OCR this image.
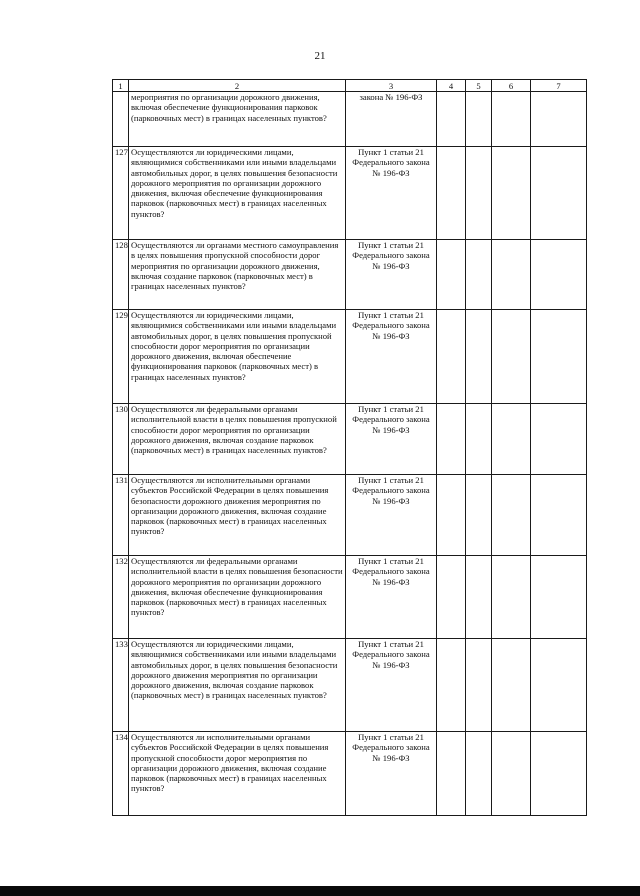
21
1	2	3	4	5	6	7
	мероприятия по организации дорожного движения, включая обеспечение функционирования парковок (парковочных мест) в границах населенных пунктов?	закона № 196-ФЗ				
127	Осуществляются ли юридическими лицами, являющимися собственниками или иными владельцами автомобильных дорог, в целях повышения безопасности дорожного мероприятия по организации дорожного движения, включая обеспечение функционирования парковок (парковочных мест) в границах населенных пунктов?	Пункт 1 статьи 21 Федерального закона № 196-ФЗ				
128	Осуществляются ли органами местного самоуправления в целях повышения пропускной способности дорог мероприятия по организации дорожного движения, включая создание парковок (парковочных мест) в границах населенных пунктов?	Пункт 1 статьи 21 Федерального закона № 196-ФЗ				
129	Осуществляются ли юридическими лицами, являющимися собственниками или иными владельцами автомобильных дорог, в целях повышения пропускной способности дорог мероприятия по организации дорожного движения, включая обеспечение функционирования парковок (парковочных мест) в границах населенных пунктов?	Пункт 1 статьи 21 Федерального закона № 196-ФЗ				
130	Осуществляются ли федеральными органами исполнительной власти в целях повышения пропускной способности дорог мероприятия по организации дорожного движения, включая создание парковок (парковочных мест) в границах населенных пунктов?	Пункт 1 статьи 21 Федерального закона № 196-ФЗ				
131	Осуществляются ли исполнительными органами субъектов Российской Федерации в целях повышения безопасности дорожного движения мероприятия по организации дорожного движения, включая создание парковок (парковочных мест) в границах населенных пунктов?	Пункт 1 статьи 21 Федерального закона № 196-ФЗ				
132	Осуществляются ли федеральными органами исполнительной власти в целях повышения безопасности дорожного мероприятия по организации дорожного движения, включая обеспечение функционирования парковок (парковочных мест) в границах населенных пунктов?	Пункт 1 статьи 21 Федерального закона № 196-ФЗ				
133	Осуществляются ли юридическими лицами, являющимися собственниками или иными владельцами автомобильных дорог, в целях повышения безопасности дорожного движения мероприятия по организации дорожного движения, включая создание парковок (парковочных мест) в границах населенных пунктов?	Пункт 1 статьи 21 Федерального закона № 196-ФЗ				
134	Осуществляются ли исполнительными органами субъектов Российской Федерации в целях повышения пропускной способности дорог мероприятия по организации дорожного движения, включая создание парковок (парковочных мест) в границах населенных пунктов?	Пункт 1 статьи 21 Федерального закона № 196-ФЗ				
